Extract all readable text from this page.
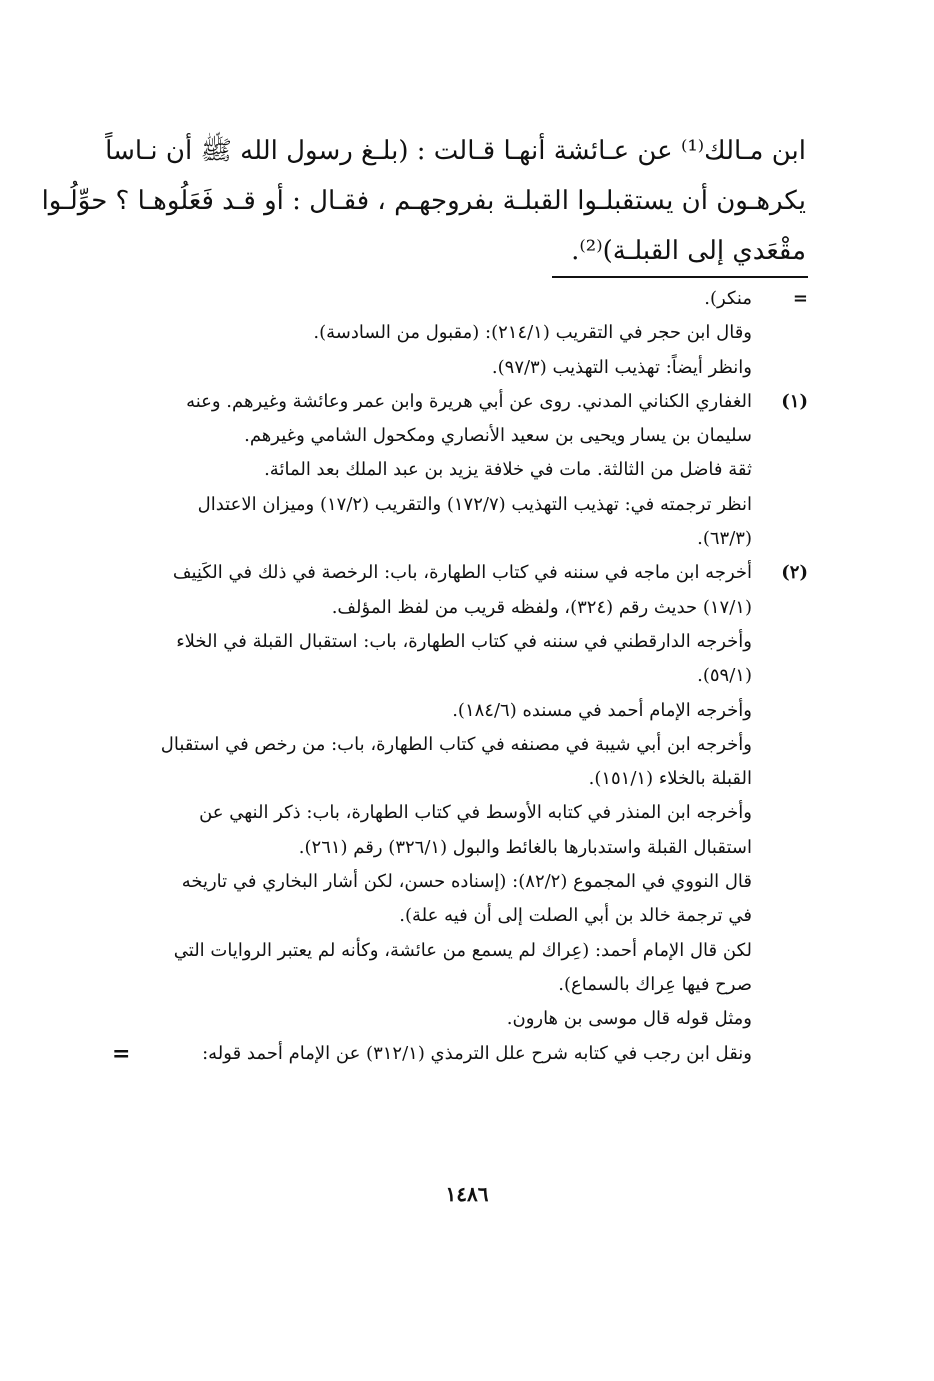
ابن مـالك⁽¹⁾ عن عـائشة أنهـا قـالت : (بلـغ رسول الله ﷺ أن نـاساً
يكرهـون أن يستقبلـوا القبلـة بفروجهـم ، فقـال : أو قـد فَعَلُوهـا ؟ حوِّلُـوا
مقْعَدي إلى القبلـة)⁽²⁾.
=
منكر).
وقال ابن حجر في التقريب (٢١٤/١): (مقبول من السادسة).
وانظر أيضاً: تهذيب التهذيب (٩٧/٣).
(١)
الغفاري الكناني المدني. روى عن أبي هريرة وابن عمر وعائشة وغيرهم. وعنه
سليمان بن يسار ويحيى بن سعيد الأنصاري ومكحول الشامي وغيرهم.
ثقة فاضل من الثالثة. مات في خلافة يزيد بن عبد الملك بعد المائة.
انظر ترجمته في: تهذيب التهذيب (١٧٢/٧) والتقريب (١٧/٢) وميزان الاعتدال
(٦٣/٣).
(٢)
أخرجه ابن ماجه في سننه في كتاب الطهارة، باب: الرخصة في ذلك في الكَنِيف
(١٧/١) حديث رقم (٣٢٤)، ولفظه قريب من لفظ المؤلف.
وأخرجه الدارقطني في سننه في كتاب الطهارة، باب: استقبال القبلة في الخلاء
(٥٩/١).
وأخرجه الإمام أحمد في مسنده (١٨٤/٦).
وأخرجه ابن أبي شيبة في مصنفه في كتاب الطهارة، باب: من رخص في استقبال
القبلة بالخلاء (١٥١/١).
وأخرجه ابن المنذر في كتابه الأوسط في كتاب الطهارة، باب: ذكر النهي عن
استقبال القبلة واستدبارها بالغائط والبول (٣٢٦/١) رقم (٢٦١).
قال النووي في المجموع (٨٢/٢): (إسناده حسن، لكن أشار البخاري في تاريخه
في ترجمة خالد بن أبي الصلت إلى أن فيه علة).
لكن قال الإمام أحمد: (عِراك لم يسمع من عائشة، وكأنه لم يعتبر الروايات التي
صرح فيها عِراك بالسماع).
ومثل قوله قال موسى بن هارون.
ونقل ابن رجب في كتابه شرح علل الترمذي (٣١٢/١) عن الإمام أحمد قوله:
=
١٤٨٦
